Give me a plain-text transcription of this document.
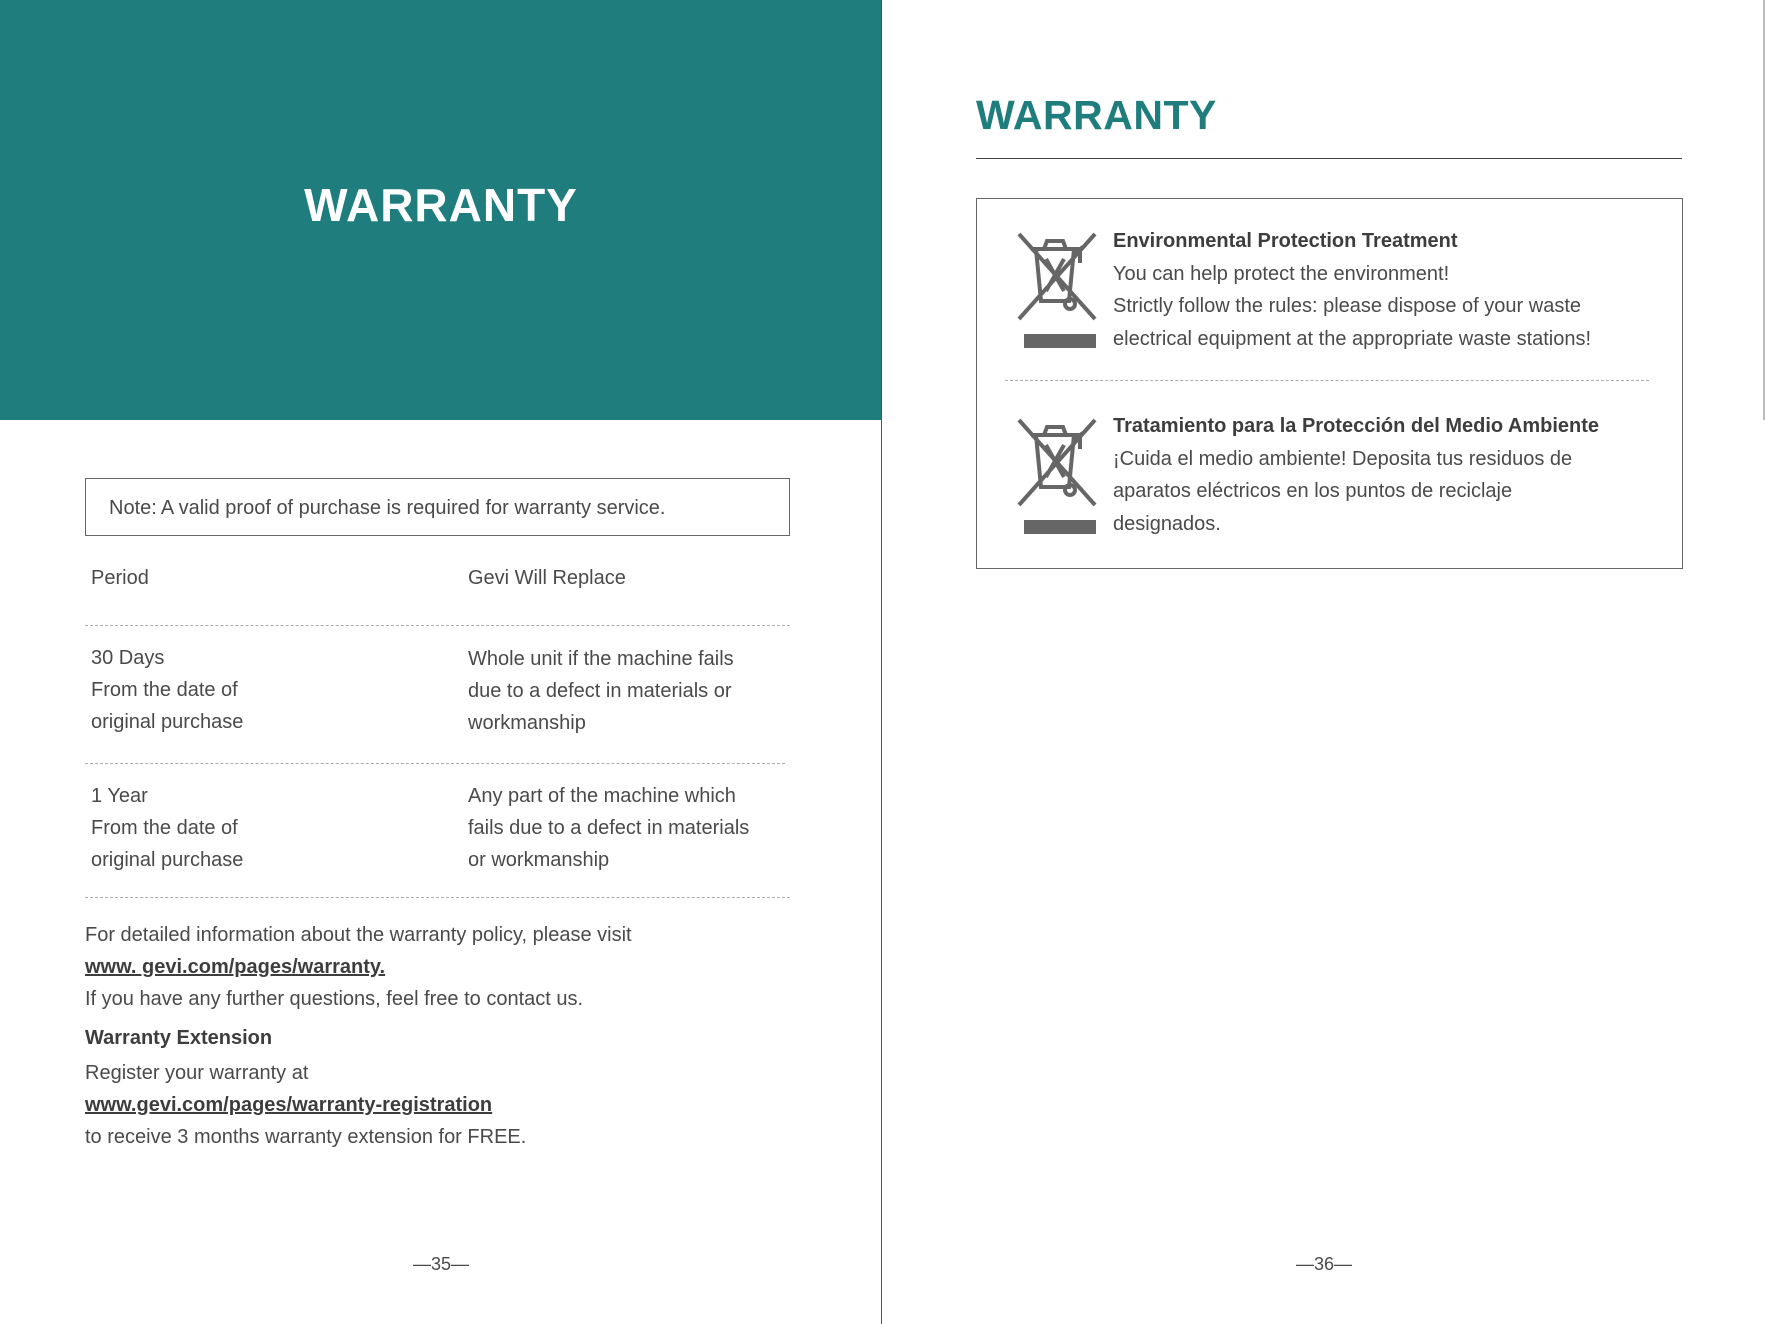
WARRANTY
Note: A valid proof of purchase is required for warranty service.
Period	Gevi Will Replace
30 Days
From the date of
original purchase
Whole unit if the machine fails
due to a defect in materials or
workmanship
1 Year
From the date of
original purchase
Any part of the machine which
fails due to a defect in materials
or workmanship
For detailed information about the warranty policy, please visit
www. gevi.com/pages/warranty.
If you have any further questions, feel free to contact us.
Warranty Extension
Register your warranty at
www.gevi.com/pages/warranty-registration
to receive 3 months warranty extension for FREE.
—35—
WARRANTY
Environmental Protection Treatment
You can help protect the environment!
Strictly follow the rules: please dispose of your waste
electrical equipment at the appropriate waste stations!
Tratamiento para la Protección del Medio Ambiente
¡Cuida el medio ambiente! Deposita tus residuos de
aparatos eléctricos en los puntos de reciclaje
designados.
—36—
